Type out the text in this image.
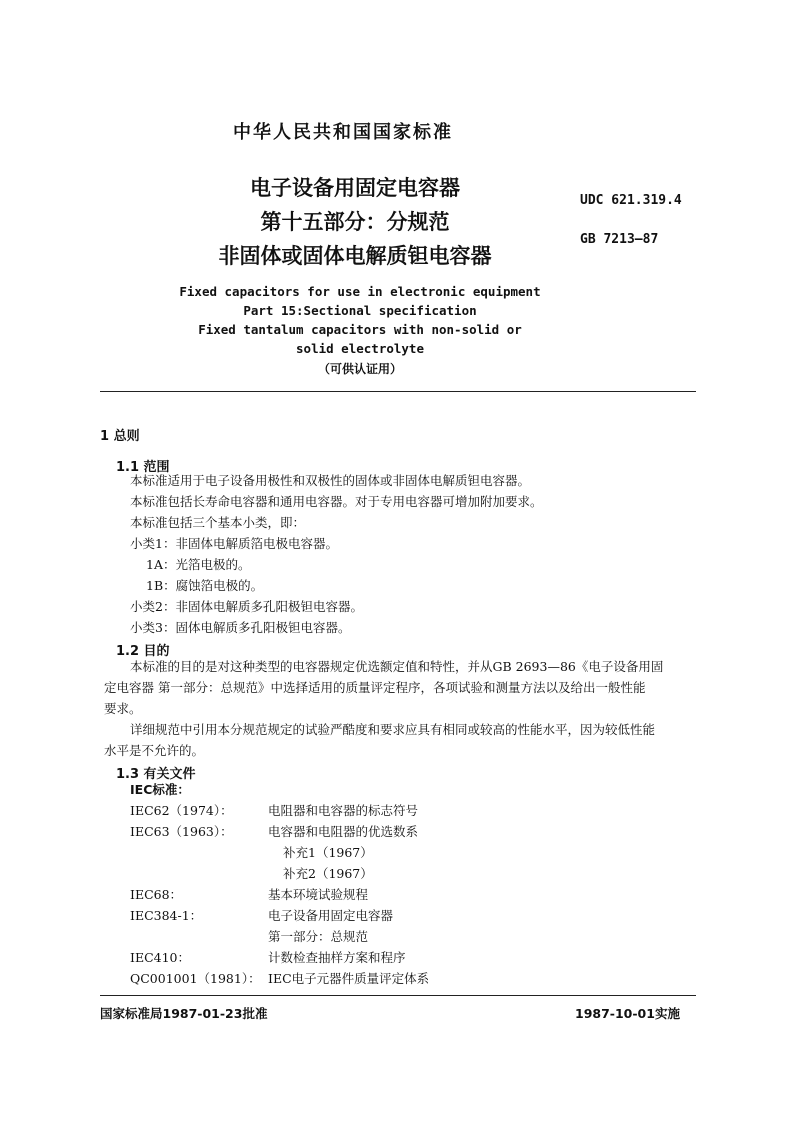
中华人民共和国国家标准
电子设备用固定电容器
第十五部分：分规范
非固体或固体电解质钽电容器
UDC 621.319.4
GB 7213—87
Fixed capacitors for use in electronic equipment
Part 15:Sectional specification
Fixed tantalum capacitors with non-solid or
solid electrolyte
（可供认证用）
1 总则
1.1 范围
本标准适用于电子设备用极性和双极性的固体或非固体电解质钽电容器。
本标准包括长寿命电容器和通用电容器。对于专用电容器可增加附加要求。
本标准包括三个基本小类，即：
小类1：非固体电解质箔电极电容器。
1A：光箔电极的。
1B：腐蚀箔电极的。
小类2：非固体电解质多孔阳极钽电容器。
小类3：固体电解质多孔阳极钽电容器。
1.2 目的
本标准的目的是对这种类型的电容器规定优选额定值和特性，并从GB 2693—86《电子设备用固
定电容器 第一部分：总规范》中选择适用的质量评定程序，各项试验和测量方法以及给出一般性能
要求。
详细规范中引用本分规范规定的试验严酷度和要求应具有相同或较高的性能水平，因为较低性能
水平是不允许的。
1.3 有关文件
IEC标准：
IEC62（1974）：	电阻器和电容器的标志符号
IEC63（1963）：	电容器和电阻器的优选数系
补充1（1967）
补充2（1967）
IEC68：	基本环境试验规程
IEC384-1：	电子设备用固定电容器
第一部分：总规范
IEC410：	计数检查抽样方案和程序
QC001001（1981）： IEC电子元器件质量评定体系
国家标准局1987-01-23批准	1987-10-01实施
